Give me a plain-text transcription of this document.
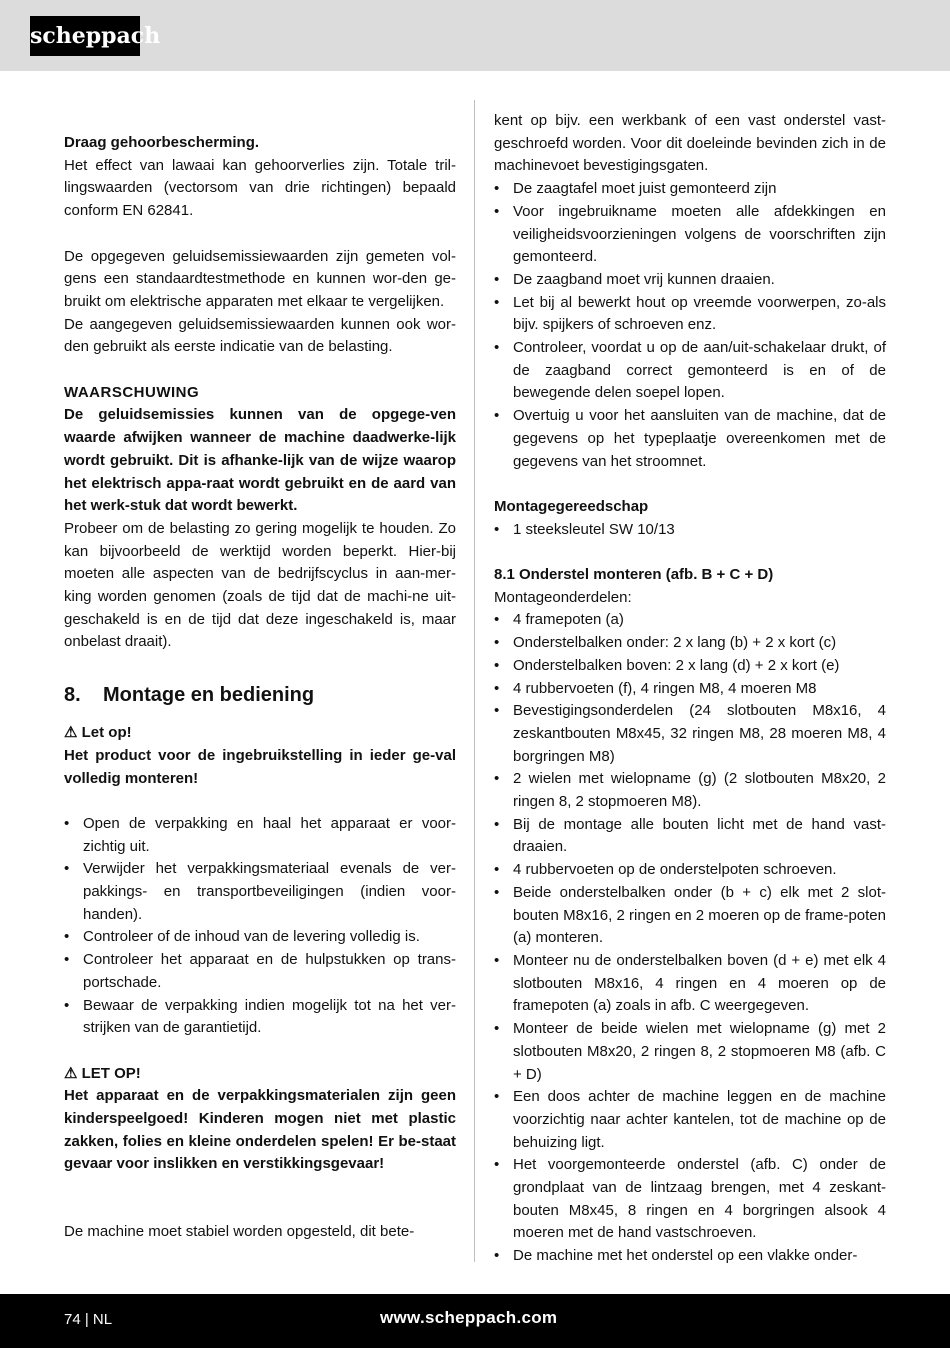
scheppach

Draag gehoorbescherming.

Het effect van lawaai kan gehoorverlies zijn. Totale tril-lingswaarden (vectorsom van drie richtingen) bepaald conform EN 62841.

De opgegeven geluidsemissiewaarden zijn gemeten vol-gens een standaardtestmethode en kunnen wor-den ge-bruikt om elektrische apparaten met elkaar te vergelijken.

De aangegeven geluidsemissiewaarden kunnen ook wor-den gebruikt als eerste indicatie van de belasting.

WAARSCHUWING

De geluidsemissies kunnen van de opgege-ven waarde afwijken wanneer de machine daadwerke-lijk wordt gebruikt. Dit is afhanke-lijk van de wijze waarop het elektrisch appa-raat wordt gebruikt en de aard van het werk-stuk dat wordt bewerkt.

Probeer om de belasting zo gering mogelijk te houden. Zo kan bijvoorbeeld de werktijd worden beperkt. Hier-bij moeten alle aspecten van de bedrijfscyclus in aan-mer-king worden genomen (zoals de tijd dat de machi-ne uit-geschakeld is en de tijd dat deze ingeschakeld is, maar onbelast draait).

8.	Montage en bediening

⚠ Let op!

Het product voor de ingebruikstelling in ieder ge-val volledig monteren!

• Open de verpakking en haal het apparaat er voor-zichtig uit.
• Verwijder het verpakkingsmateriaal evenals de ver-pakkings- en transportbeveiligingen (indien voor-handen).
• Controleer of de inhoud van de levering volledig is.
• Controleer het apparaat en de hulpstukken op trans-portschade.
• Bewaar de verpakking indien mogelijk tot na het ver-strijken van de garantietijd.

⚠ LET OP!

Het apparaat en de verpakkingsmaterialen zijn geen kinderspeelgoed! Kinderen mogen niet met plastic zakken, folies en kleine onderdelen spelen! Er be-staat gevaar voor inslikken en verstikkingsgevaar!

De machine moet stabiel worden opgesteld, dit bete-

kent op bijv. een werkbank of een vast onderstel vast-geschroefd worden. Voor dit doeleinde bevinden zich in de machinevoet bevestigingsgaten.

• De zaagtafel moet juist gemonteerd zijn
• Voor ingebruikname moeten alle afdekkingen en veiligheidsvoorzieningen volgens de voorschriften zijn gemonteerd.
• De zaagband moet vrij kunnen draaien.
• Let bij al bewerkt hout op vreemde voorwerpen, zo-als bijv. spijkers of schroeven enz.
• Controleer, voordat u op de aan/uit-schakelaar drukt, of de zaagband correct gemonteerd is en of de bewegende delen soepel lopen.
• Overtuig u voor het aansluiten van de machine, dat de gegevens op het typeplaatje overeenkomen met de gegevens van het stroomnet.

Montagegereedschap

• 1 steeksleutel SW 10/13

8.1 Onderstel monteren (afb. B + C + D)

Montageonderdelen:

• 4 framepoten (a)
• Onderstelbalken onder: 2 x lang (b) + 2 x kort (c)
• Onderstelbalken boven: 2 x lang (d) + 2 x kort (e)
• 4 rubbervoeten (f), 4 ringen M8, 4 moeren M8
• Bevestigingsonderdelen (24 slotbouten M8x16, 4 zeskantbouten M8x45, 32 ringen M8, 28 moeren M8, 4 borgringen M8)
• 2 wielen met wielopname (g) (2 slotbouten M8x20, 2 ringen 8, 2 stopmoeren M8).
• Bij de montage alle bouten licht met de hand vast-draaien.
• 4 rubbervoeten op de onderstelpoten schroeven.
• Beide onderstelbalken onder (b + c) elk met 2 slot-bouten M8x16, 2 ringen en 2 moeren op de frame-poten (a) monteren.
• Monteer nu de onderstelbalken boven (d + e) met elk 4 slotbouten M8x16, 4 ringen en 4 moeren op de framepoten (a) zoals in afb. C weergegeven.
• Monteer de beide wielen met wielopname (g) met 2 slotbouten M8x20, 2 ringen 8, 2 stopmoeren M8 (afb. C + D)
• Een doos achter de machine leggen en de machine voorzichtig naar achter kantelen, tot de machine op de behuizing ligt.
• Het voorgemonteerde onderstel (afb. C) onder de grondplaat van de lintzaag brengen, met 4 zeskant-bouten M8x45, 8 ringen en 4 borgringen alsook 4 moeren met de hand vastschroeven.
• De machine met het onderstel op een vlakke onder-
74 | NL	www.scheppach.com
